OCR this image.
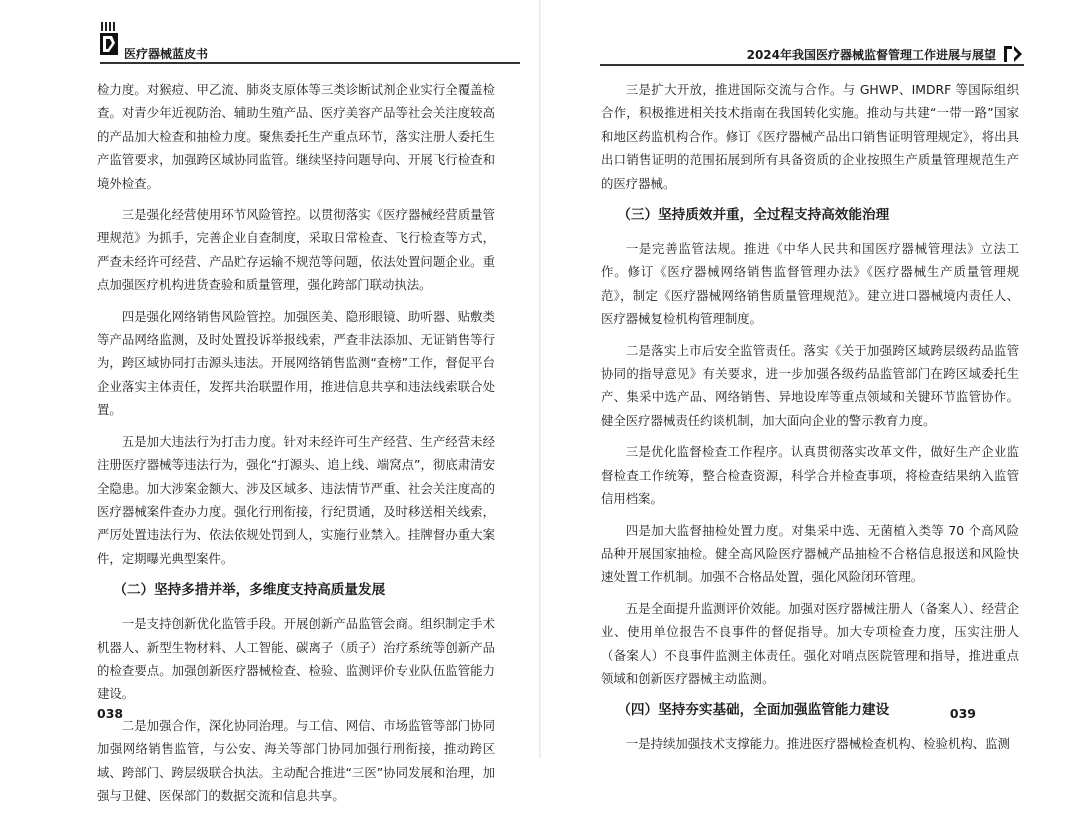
医疗器械蓝皮书

检力度。对猴痘、甲乙流、肺炎支原体等三类诊断试剂企业实行全覆盖检查。对青少年近视防治、辅助生殖产品、医疗美容产品等社会关注度较高的产品加大检查和抽检力度。聚焦委托生产重点环节，落实注册人委托生产监管要求，加强跨区域协同监管。继续坚持问题导向、开展飞行检查和境外检查。

三是强化经营使用环节风险管控。以贯彻落实《医疗器械经营质量管理规范》为抓手，完善企业自查制度，采取日常检查、飞行检查等方式，严查未经许可经营、产品贮存运输不规范等问题，依法处置问题企业。重点加强医疗机构进货查验和质量管理，强化跨部门联动执法。

四是强化网络销售风险管控。加强医美、隐形眼镜、助听器、贴敷类等产品网络监测，及时处置投诉举报线索，严查非法添加、无证销售等行为，跨区域协同打击源头违法。开展网络销售监测“查榜”工作，督促平台企业落实主体责任，发挥共治联盟作用，推进信息共享和违法线索联合处置。

五是加大违法行为打击力度。针对未经许可生产经营、生产经营未经注册医疗器械等违法行为，强化“打源头、追上线、端窝点”，彻底肃清安全隐患。加大涉案金额大、涉及区域多、违法情节严重、社会关注度高的医疗器械案件查办力度。强化行刑衔接，行纪贯通，及时移送相关线索，严厉处置违法行为、依法依规处罚到人，实施行业禁入。挂牌督办重大案件，定期曝光典型案件。

（二）坚持多措并举，多维度支持高质量发展

一是支持创新优化监管手段。开展创新产品监管会商。组织制定手术机器人、新型生物材料、人工智能、碳离子（质子）治疗系统等创新产品的检查要点。加强创新医疗器械检查、检验、监测评价专业队伍监管能力建设。

二是加强合作，深化协同治理。与工信、网信、市场监管等部门协同加强网络销售监管，与公安、海关等部门协同加强行刑衔接，推动跨区域、跨部门、跨层级联合执法。主动配合推进“三医”协同发展和治理，加强与卫健、医保部门的数据交流和信息共享。

038
2024年我国医疗器械监督管理工作进展与展望

三是扩大开放，推进国际交流与合作。与 GHWP、IMDRF 等国际组织合作，积极推进相关技术指南在我国转化实施。推动与共建“一带一路”国家和地区药监机构合作。修订《医疗器械产品出口销售证明管理规定》，将出具出口销售证明的范围拓展到所有具备资质的企业按照生产质量管理规范生产的医疗器械。

（三）坚持质效并重，全过程支持高效能治理

一是完善监管法规。推进《中华人民共和国医疗器械管理法》立法工作。修订《医疗器械网络销售监督管理办法》《医疗器械生产质量管理规范》，制定《医疗器械网络销售质量管理规范》。建立进口器械境内责任人、医疗器械复检机构管理制度。

二是落实上市后安全监管责任。落实《关于加强跨区域跨层级药品监管协同的指导意见》有关要求，进一步加强各级药品监管部门在跨区域委托生产、集采中选产品、网络销售、异地设库等重点领域和关键环节监管协作。健全医疗器械责任约谈机制，加大面向企业的警示教育力度。

三是优化监督检查工作程序。认真贯彻落实改革文件，做好生产企业监督检查工作统筹，整合检查资源，科学合并检查事项，将检查结果纳入监管信用档案。

四是加大监督抽检处置力度。对集采中选、无菌植入类等 70 个高风险品种开展国家抽检。健全高风险医疗器械产品抽检不合格信息报送和风险快速处置工作机制。加强不合格品处置，强化风险闭环管理。

五是全面提升监测评价效能。加强对医疗器械注册人（备案人）、经营企业、使用单位报告不良事件的督促指导。加大专项检查力度，压实注册人（备案人）不良事件监测主体责任。强化对哨点医院管理和指导，推进重点领域和创新医疗器械主动监测。

（四）坚持夯实基础，全面加强监管能力建设

一是持续加强技术支撑能力。推进医疗器械检查机构、检验机构、监测

039
